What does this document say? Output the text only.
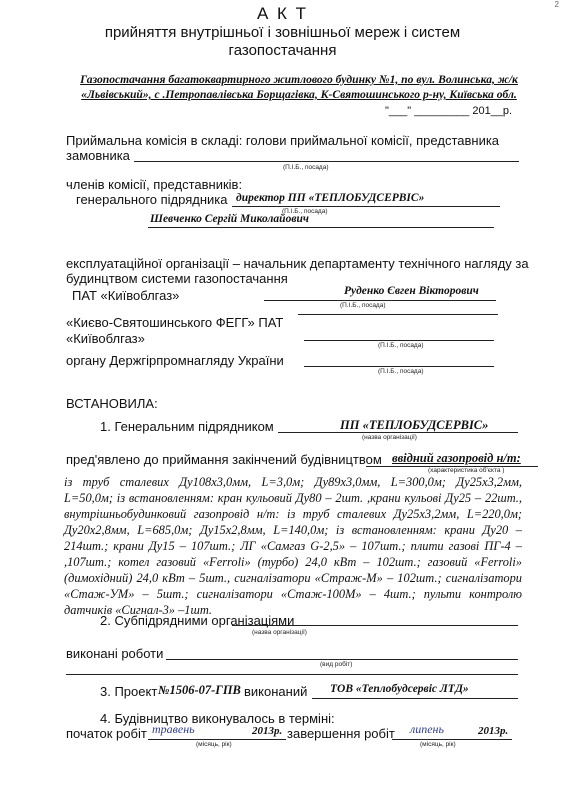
2
А К Т
прийняття внутрішньої і зовнішньої мереж і систем
газопостачання
Газопостачання багатоквартирного житлового будинку №1, по вул. Волинська, ж/к «Львівський», с .Петропавлівська Борщагівка, К-Святошинського р-ну, Київська обл.
"___" _________ 201__р.
Приймальна комісія в складі: голови приймальної комісії, представника
замовника
(П.І.Б., посада)
членів комісії, представників:
генерального підрядника директор ПП «ТЕПЛОБУДСЕРВІС»
(П.І.Б., посада)
Шевченко Сергій Миколайович
експлуатаційної організації – начальник департаменту технічного нагляду за
будинцтвом системи газопостачання
ПАТ «Київоблгаз»	Руденко Євген Вікторович
(П.І.Б., посада)
«Києво-Святошинського ФЕГГ» ПАТ
«Київоблгаз»	(П.І.Б., посада)
органу Держгірпромнагляду України
(П.І.Б., посада)
ВСТАНОВИЛА:
1. Генеральним підрядником	ПП «ТЕПЛОБУДСЕРВІС»
(назва організації)
пред'явлено до приймання закінчений будівництвом ввідний газопровід н/т:
(характеристика об'єкта )
із труб сталевих Ду108х3,0мм, L=3,0м; Ду89х3,0мм, L=300,0м; Ду25х3,2мм, L=50,0м; із встановленням: кран кульовий Ду80 – 2шт. ,крани кульові Ду25 – 22шт., внутрішньобудинковий газопровід н/т: із труб сталевих Ду25х3,2мм, L=220,0м; Ду20х2,8мм, L=685,0м; Ду15х2,8мм, L=140,0м; із встановленням: крани Ду20 – 214шт.; крани Ду15 – 107шт.; ЛГ «Самгаз G-2,5» – 107шт.; плити газові ПГ-4 – ,107шт.; котел газовий «Ferroli» (турбо) 24,0 кВт – 102шт.; газовий «Ferroli» (димохідний) 24,0 кВт – 5шт., сигналізатори «Страж-М» – 102шт.; сигналізатори «Стаж-УМ» – 5шт.; сигналізатори «Стаж-100М» – 4шт.; пульти контролю датчиків «Сигнал-3» –1шт.
2. Субпідрядними організаціями
(назва організації)
виконані роботи
(вид робіт)
3. Проект №1506-07-ГПВ виконаний ТОВ «Теплобудсервіс ЛТД»
4. Будівництво виконувалось в терміні:
початок робіт травень	2013р.
(місяць, рік)
завершення робіт липень	2013р.
(місяць, рік)
